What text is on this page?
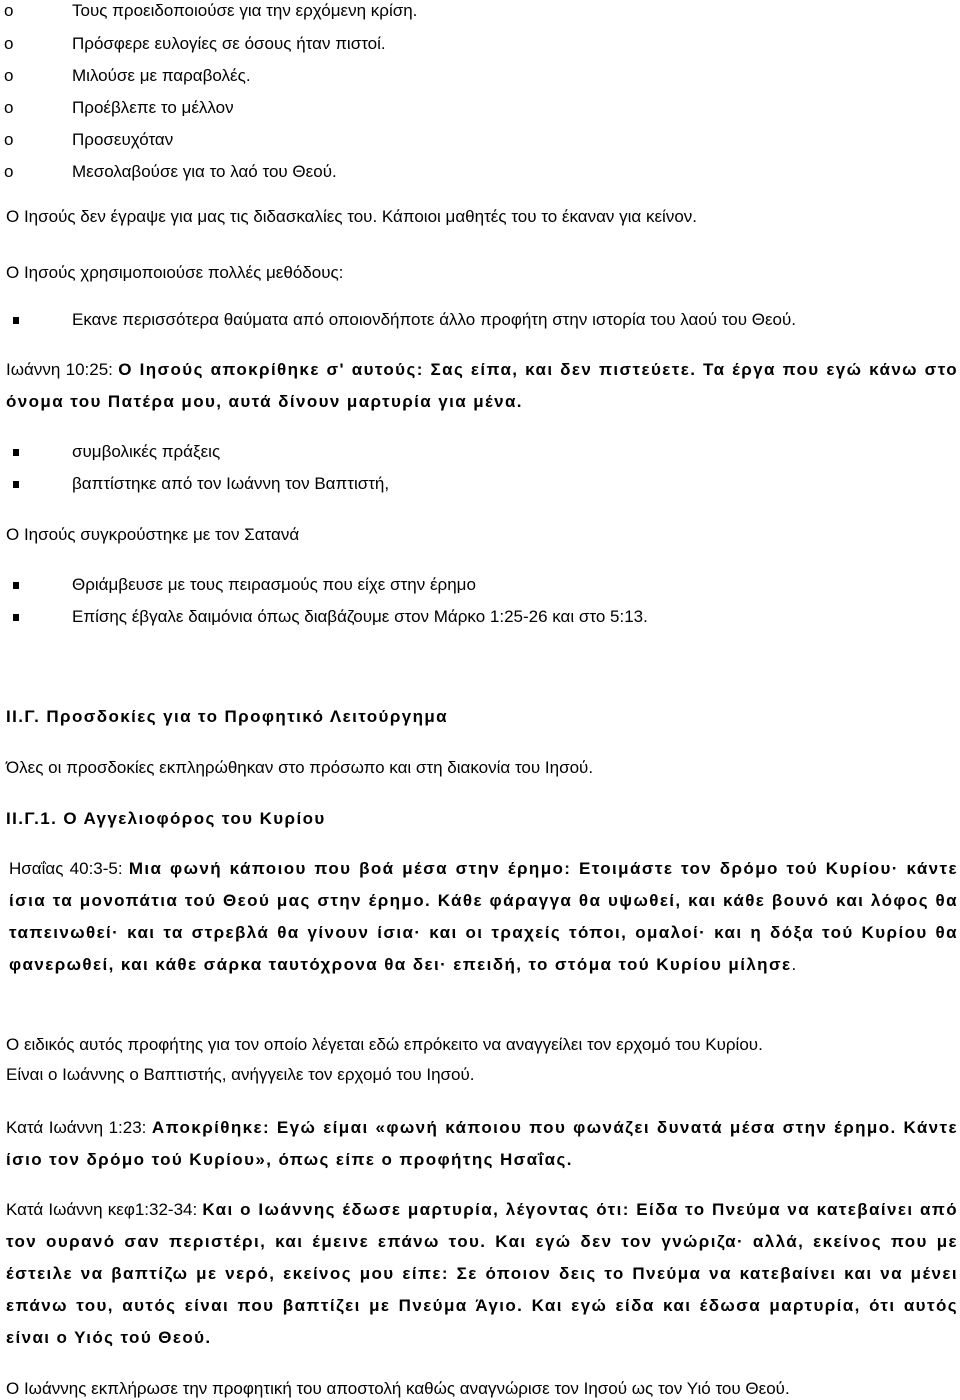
o	Τους προειδοποιούσε για την ερχόμενη κρίση.
o	Πρόσφερε ευλογίες σε όσους ήταν πιστοί.
o	Μιλούσε με παραβολές.
o	Προέβλεπε το μέλλον
o	Προσευχόταν
o	Μεσολαβούσε για το λαό του Θεού.
Ο Ιησούς δεν έγραψε για μας τις διδασκαλίες του. Κάποιοι μαθητές του το έκαναν για κείνον.
Ο Ιησούς χρησιμοποιούσε πολλές μεθόδους:
Εκανε περισσότερα θαύματα από οποιονδήποτε άλλο προφήτη στην ιστορία του λαού του Θεού.
Ιωάννη 10:25: Ο Ιησούς αποκρίθηκε σ' αυτούς: Σας είπα, και δεν πιστεύετε. Τα έργα που εγώ κάνω στο όνομα του Πατέρα μου, αυτά δίνουν μαρτυρία για μένα.
συμβολικές πράξεις
βαπτίστηκε από τον Ιωάννη τον Βαπτιστή,
Ο Ιησούς συγκρούστηκε με τον Σατανά
Θριάμβευσε με τους πειρασμούς που είχε στην έρημο
Επίσης έβγαλε δαιμόνια όπως διαβάζουμε στον Μάρκο 1:25-26 και στο 5:13.
II.Γ. Προσδοκίες για το Προφητικό Λειτούργημα
Όλες οι προσδοκίες εκπληρώθηκαν στο πρόσωπο και στη διακονία του Ιησού.
II.Γ.1. Ο Αγγελιοφόρος του Κυρίου
Ησαΐας 40:3-5: Μια φωνή κάποιου που βοά μέσα στην έρημο: Ετοιμάστε τον δρόμο τού Κυρίου· κάντε ίσια τα μονοπάτια τού Θεού μας στην έρημο. Κάθε φάραγγα θα υψωθεί, και κάθε βουνό και λόφος θα ταπεινωθεί· και τα στρεβλά θα γίνουν ίσια· και οι τραχείς τόποι, ομαλοί· και η δόξα τού Κυρίου θα φανερωθεί, και κάθε σάρκα ταυτόχρονα θα δει· επειδή, το στόμα τού Κυρίου μίλησε.
Ο ειδικός αυτός προφήτης για τον οποίο λέγεται εδώ επρόκειτο να αναγγείλει τον ερχομό του Κυρίου.
Είναι ο Ιωάννης ο Βαπτιστής, ανήγγειλε τον ερχομό του Ιησού.
Κατά Ιωάννη 1:23: Αποκρίθηκε: Εγώ είμαι «φωνή κάποιου που φωνάζει δυνατά μέσα στην έρημο. Κάντε ίσιο τον δρόμο τού Κυρίου», όπως είπε ο προφήτης Ησαΐας.
Κατά Ιωάννη κεφ1:32-34: Και ο Ιωάννης έδωσε μαρτυρία, λέγοντας ότι: Είδα το Πνεύμα να κατεβαίνει από τον ουρανό σαν περιστέρι, και έμεινε επάνω του. Και εγώ δεν τον γνώριζα· αλλά, εκείνος που με έστειλε να βαπτίζω με νερό, εκείνος μου είπε: Σε όποιον δεις το Πνεύμα να κατεβαίνει και να μένει επάνω του, αυτός είναι που βαπτίζει με Πνεύμα Άγιο. Και εγώ είδα και έδωσα μαρτυρία, ότι αυτός είναι ο Υιός τού Θεού.
Ο Ιωάννης εκπλήρωσε την προφητική του αποστολή καθώς αναγνώρισε τον Ιησού ως τον Υιό του Θεού.
